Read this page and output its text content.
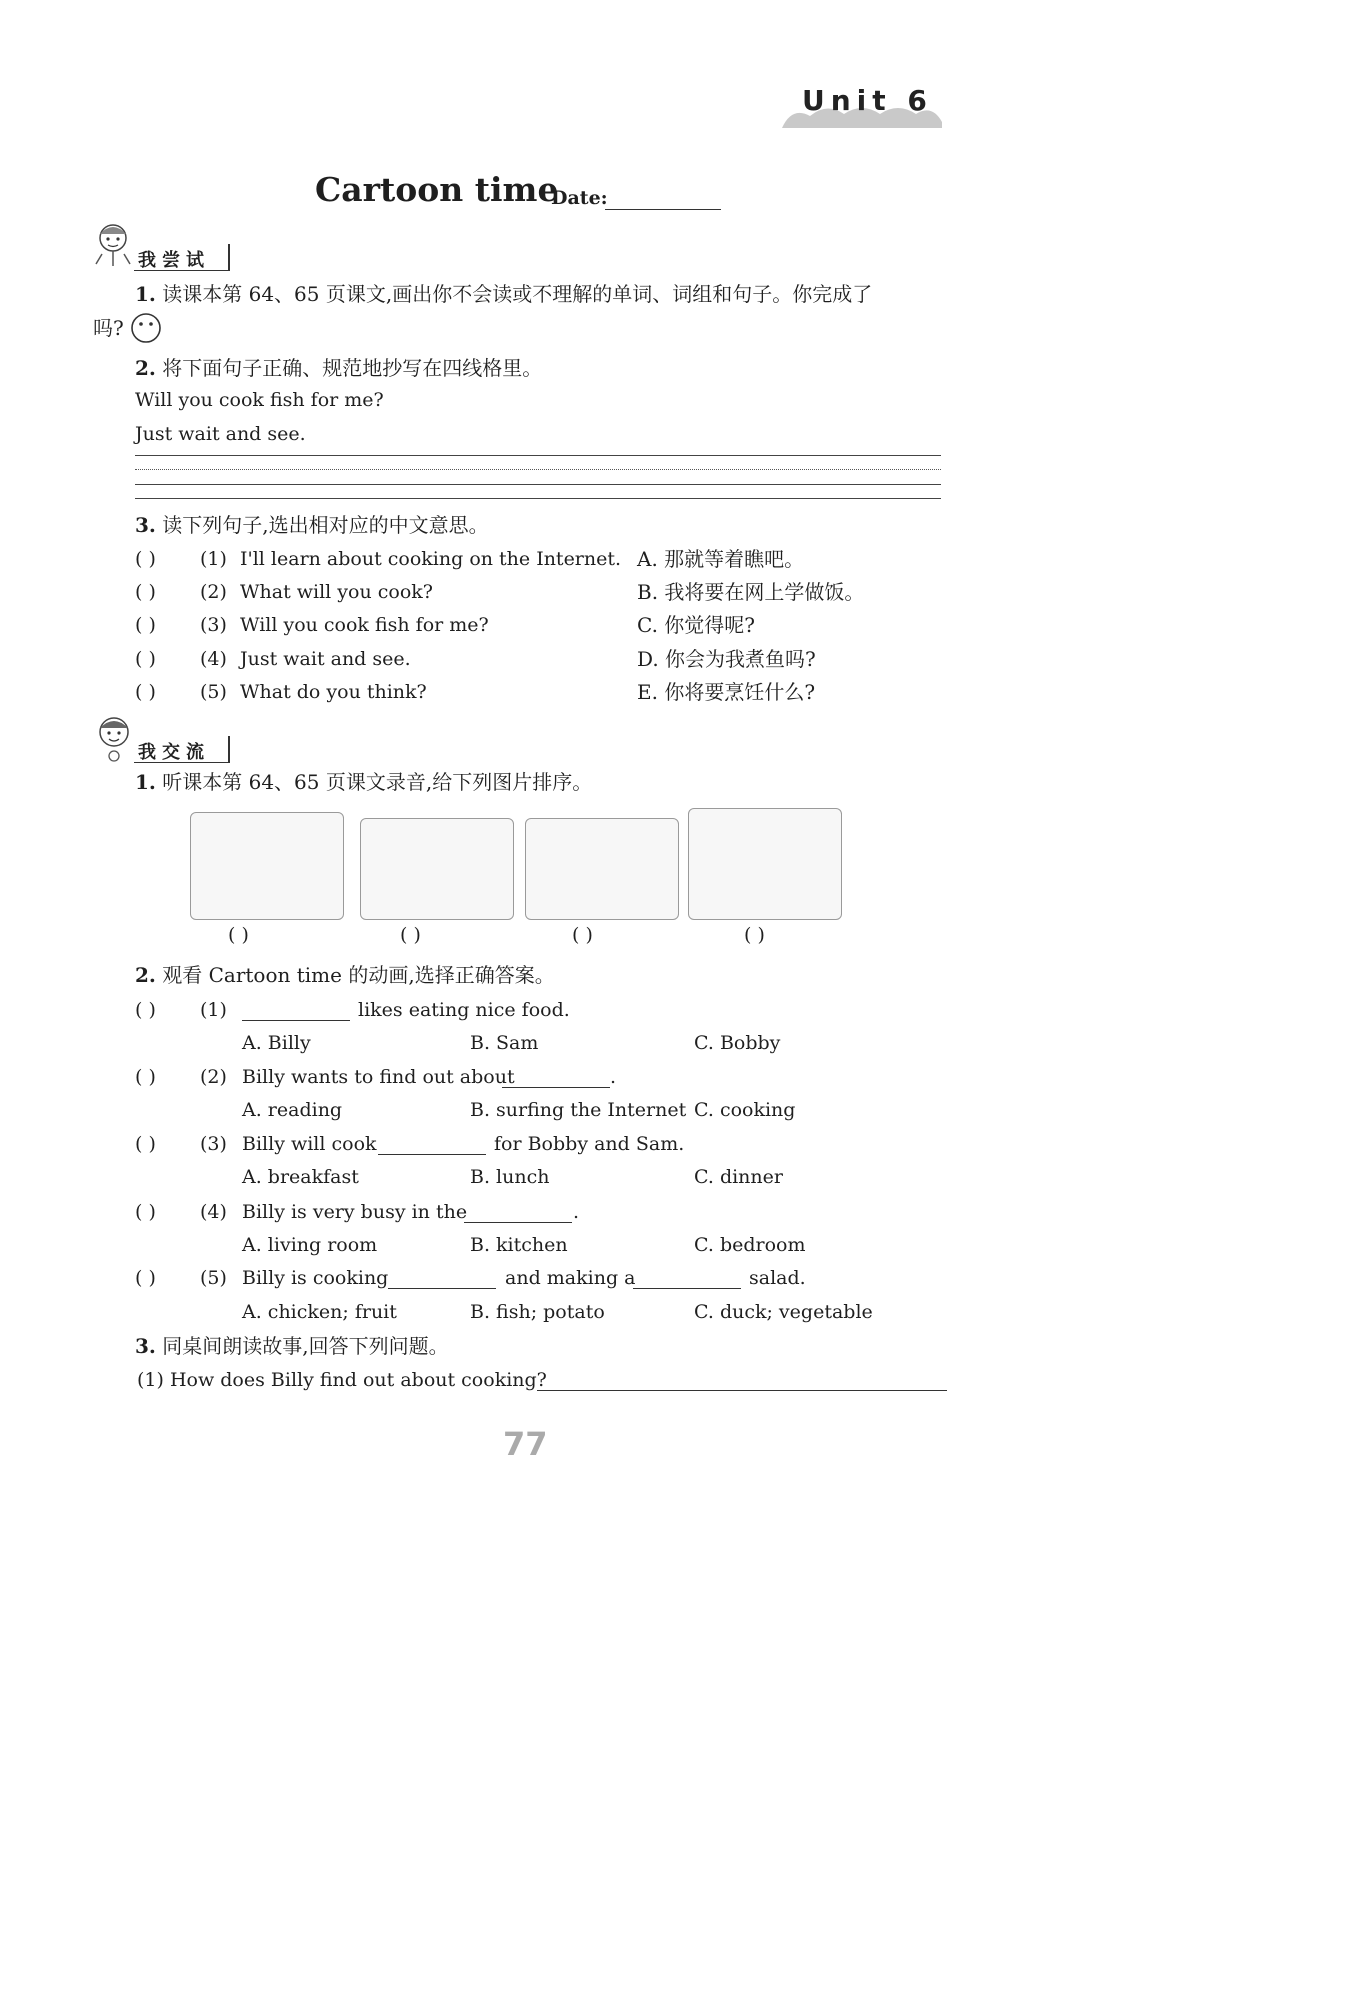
Unit 6
Cartoon time
Date:
我尝试
1. 读课本第 64、65 页课文,画出你不会读或不理解的单词、词组和句子。你完成了
吗?
2. 将下面句子正确、规范地抄写在四线格里。
Will you cook fish for me?
Just wait and see.
3. 读下列句子,选出相对应的中文意思。
( ) (1) I'll learn about cooking on the Internet. A. 那就等着瞧吧。
( ) (2) What will you cook?	B. 我将要在网上学做饭。
( ) (3) Will you cook fish for me?	C. 你觉得呢?
( ) (4) Just wait and see.	D. 你会为我煮鱼吗?
( ) (5) What do you think?	E. 你将要烹饪什么?
我交流
1. 听课本第 64、65 页课文录音,给下列图片排序。
( )	( )	( )	( )
2. 观看 Cartoon time 的动画,选择正确答案。
( ) (1)	likes eating nice food.
A. Billy	B. Sam	C. Bobby
( ) (2) Billy wants to find out about	.
A. reading	B. surfing the Internet C. cooking
( ) (3) Billy will cook	for Bobby and Sam.
A. breakfast	B. lunch	C. dinner
( ) (4) Billy is very busy in the	.
A. living room	B. kitchen	C. bedroom
( ) (5) Billy is cooking	and making a	salad.
A. chicken; fruit	B. fish; potato	C. duck; vegetable
3. 同桌间朗读故事,回答下列问题。
(1) How does Billy find out about cooking?
77
